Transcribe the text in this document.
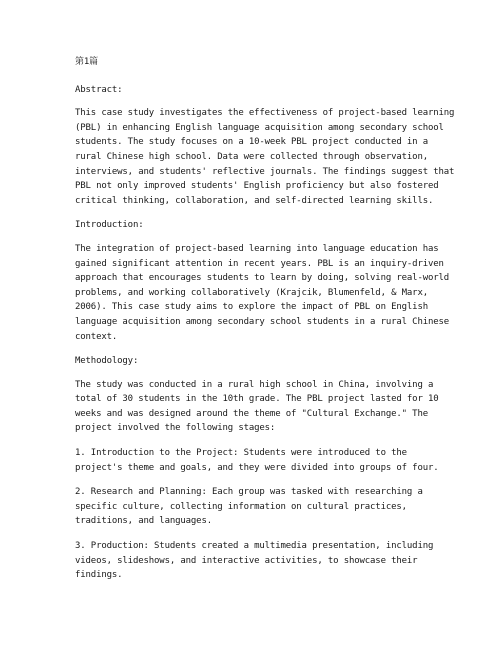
第1篇
Abstract:
This case study investigates the effectiveness of project-based learning
(PBL) in enhancing English language acquisition among secondary school
students. The study focuses on a 10-week PBL project conducted in a
rural Chinese high school. Data were collected through observation,
interviews, and students' reflective journals. The findings suggest that
PBL not only improved students' English proficiency but also fostered
critical thinking, collaboration, and self-directed learning skills.
Introduction:
The integration of project-based learning into language education has
gained significant attention in recent years. PBL is an inquiry-driven
approach that encourages students to learn by doing, solving real-world
problems, and working collaboratively (Krajcik, Blumenfeld, & Marx,
2006). This case study aims to explore the impact of PBL on English
language acquisition among secondary school students in a rural Chinese
context.
Methodology:
The study was conducted in a rural high school in China, involving a
total of 30 students in the 10th grade. The PBL project lasted for 10
weeks and was designed around the theme of "Cultural Exchange." The
project involved the following stages:
1. Introduction to the Project: Students were introduced to the
project's theme and goals, and they were divided into groups of four.
2. Research and Planning: Each group was tasked with researching a
specific culture, collecting information on cultural practices,
traditions, and languages.
3. Production: Students created a multimedia presentation, including
videos, slideshows, and interactive activities, to showcase their
findings.
